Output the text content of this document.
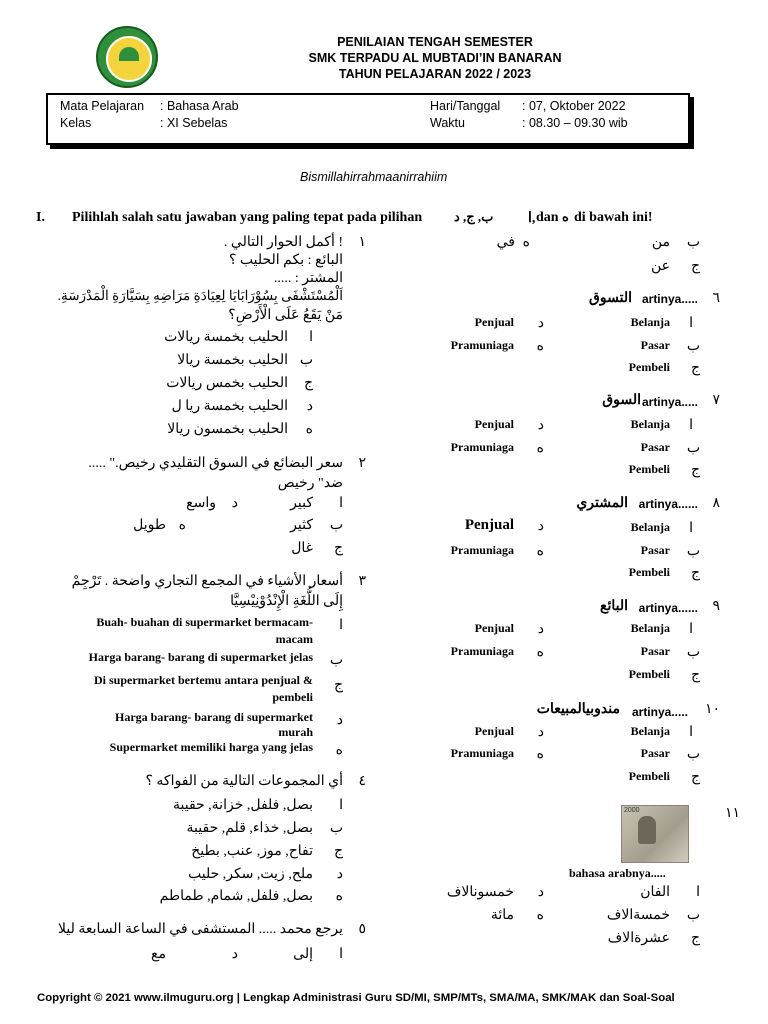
PENILAIAN TENGAH SEMESTER
SMK TERPADU AL MUBTADI’IN BANARAN
TAHUN PELAJARAN 2022 / 2023
Mata Pelajaran : Bahasa Arab
Kelas	: XI Sebelas
Hari/Tanggal : 07, Oktober 2022
Waktu	: 08.30 – 09.30 wib
Bismillahirrahmaanirrahiim
I. Pilihlah salah satu jawaban yang paling tepat pada pilihan ب, ج, د ا, dan ه di bawah ini!
١
! أكمل الحوار التالي .
البائع : بكم الحليب ؟
المشتر : .....
اَلْمُسْتَشْفَى بِسُوْرَابَايَا لِعِيَادَةِ مَرَاضِهِ بِسَيَّارَةِ الْمَدْرَسَةِ.
مَنْ يَقَعُ عَلَى الْأَرْضِ؟
ا
الحليب بخمسة ريالات
ب
الحليب بخمسة ريالا
ج
الحليب بخمس ريالات
د
الحليب بخمسة ريا ل
ه
الحليب بخمسون ريالا
٢
سعر البضائع في السوق التقليدي رخيص." .....
ضد" رخيص
ا
كبير
د
واسع
ب
كثير
ه
طويل
ج
غال
٣
أسعار الأشياء في المجمع التجاري واضحة . تَرْجِمْ
إِلَى اللُّغَةِ الْإِنْدُوْنِيْسِيَّا
ا
Buah- buahan di supermarket bermacam-
macam
ب
Harga barang- barang di supermarket jelas
ج
Di supermarket bertemu antara penjual &
pembeli
د
Harga barang- barang di supermarket
murah
ه
Supermarket memiliki harga yang jelas
٤
أي المجموعات التالية من الفواكه ؟
ا
بصل, فلفل, خزانة, حقيبة
ب
بصل, خذاء, قلم, حقيبة
ج
تفاح, موز, عنب, بطيخ
د
ملح, زيت, سكر, حليب
ه
بصل, فلفل, شمام, طماطم
٥
يرجع محمد ..... المستشفى في الساعة السابعة ليلا
ا
إلى
د
مع
ب
من
ه
في
ج
عن
٦
artinya.....
التسوق
ا
Belanja
د
Penjual
ب
Pasar
ه
Pramuniaga
ج
Pembeli
٧
artinya.....
السوق
ا
Belanja
د
Penjual
ب
Pasar
ه
Pramuniaga
ج
Pembeli
٨
artinya......
المشتري
ا
Belanja
د
Penjual
ب
Pasar
ه
Pramuniaga
ج
Pembeli
٩
artinya......
البائع
ا
Belanja
د
Penjual
ب
Pasar
ه
Pramuniaga
ج
Pembeli
١٠
artinya.....
مندوبيالمبيعات
ا
Belanja
د
Penjual
ب
Pasar
ه
Pramuniaga
ج
Pembeli
١١
2000
bahasa arabnya.....
ا
الفان
د
خمسونالاف
ب
خمسةالاف
ه
مائة
ج
عشرةالاف
Copyright © 2021 www.ilmuguru.org | Lengkap Administrasi Guru SD/MI, SMP/MTs, SMA/MA, SMK/MAK dan Soal-Soal
